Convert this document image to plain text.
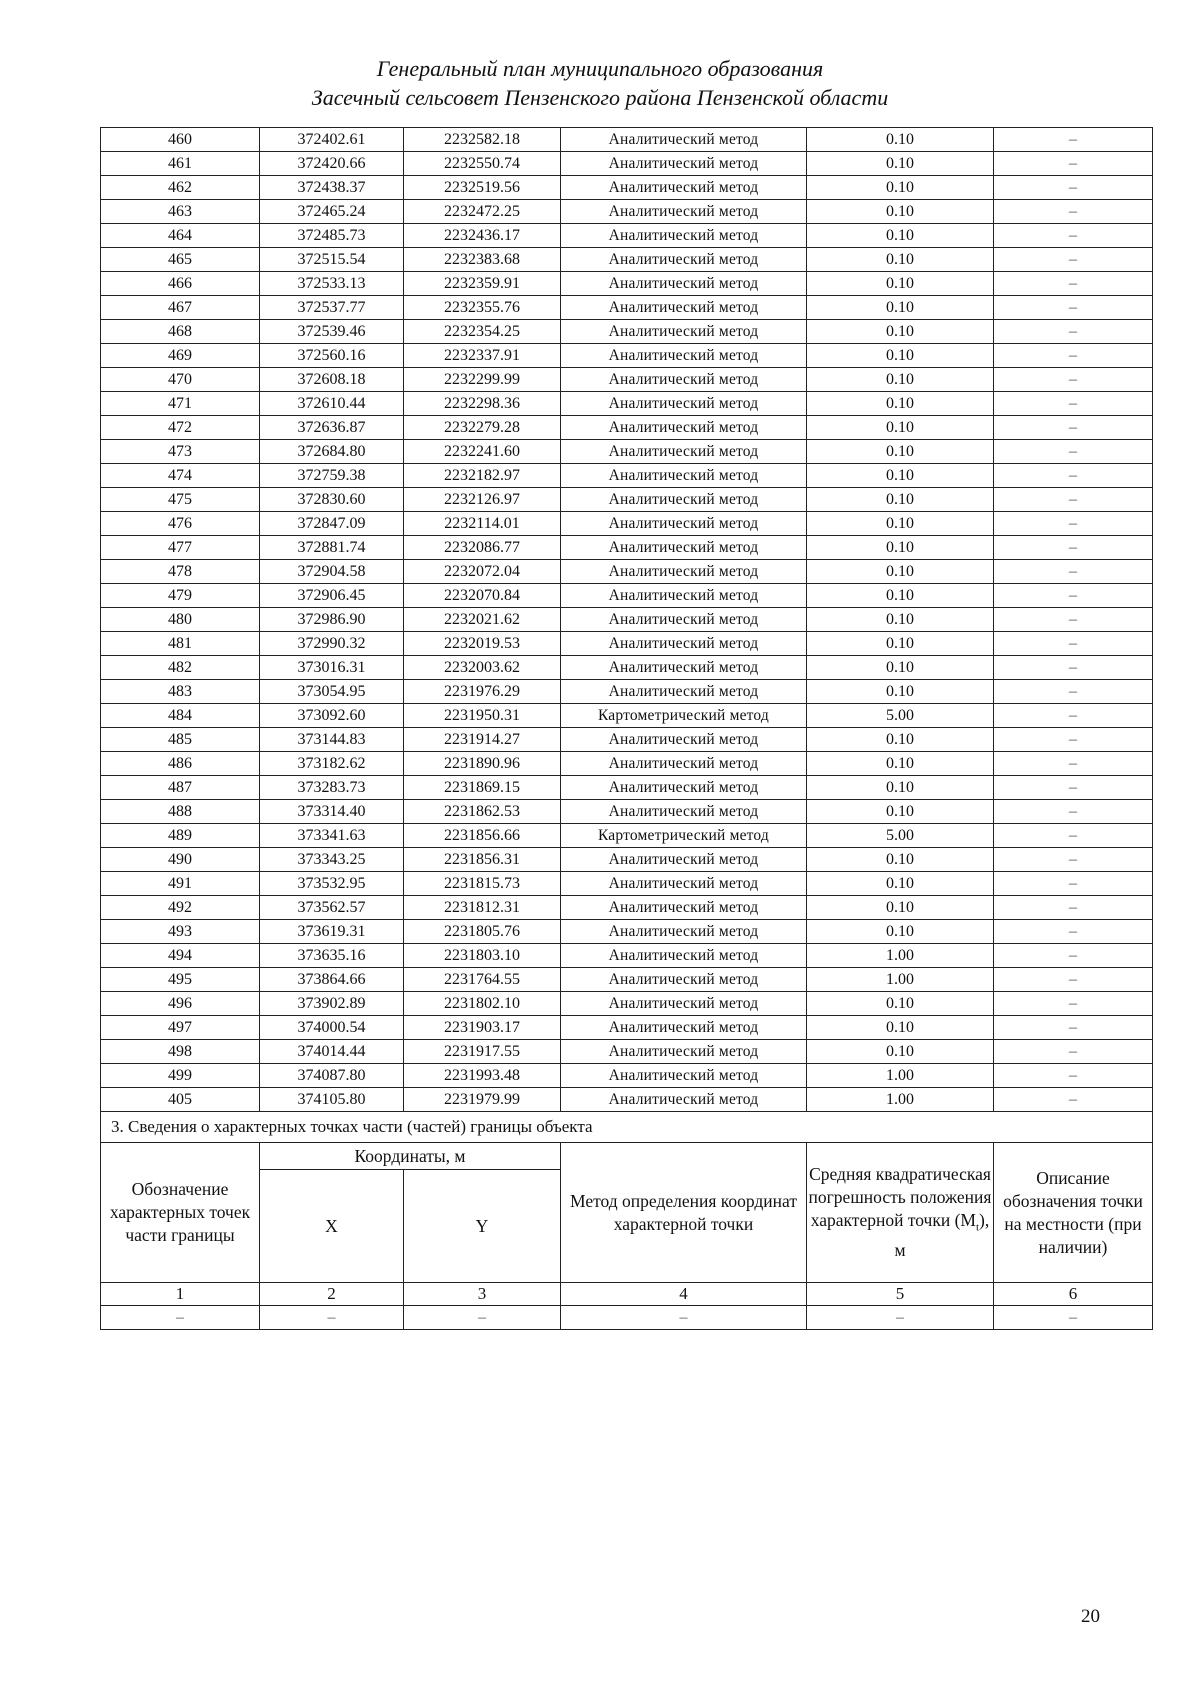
Генеральный план муниципального образования
Засечный сельсовет Пензенского района Пензенской области
460	372402.61	2232582.18	Аналитический метод	0.10	–
461	372420.66	2232550.74	Аналитический метод	0.10	–
462	372438.37	2232519.56	Аналитический метод	0.10	–
463	372465.24	2232472.25	Аналитический метод	0.10	–
464	372485.73	2232436.17	Аналитический метод	0.10	–
465	372515.54	2232383.68	Аналитический метод	0.10	–
466	372533.13	2232359.91	Аналитический метод	0.10	–
467	372537.77	2232355.76	Аналитический метод	0.10	–
468	372539.46	2232354.25	Аналитический метод	0.10	–
469	372560.16	2232337.91	Аналитический метод	0.10	–
470	372608.18	2232299.99	Аналитический метод	0.10	–
471	372610.44	2232298.36	Аналитический метод	0.10	–
472	372636.87	2232279.28	Аналитический метод	0.10	–
473	372684.80	2232241.60	Аналитический метод	0.10	–
474	372759.38	2232182.97	Аналитический метод	0.10	–
475	372830.60	2232126.97	Аналитический метод	0.10	–
476	372847.09	2232114.01	Аналитический метод	0.10	–
477	372881.74	2232086.77	Аналитический метод	0.10	–
478	372904.58	2232072.04	Аналитический метод	0.10	–
479	372906.45	2232070.84	Аналитический метод	0.10	–
480	372986.90	2232021.62	Аналитический метод	0.10	–
481	372990.32	2232019.53	Аналитический метод	0.10	–
482	373016.31	2232003.62	Аналитический метод	0.10	–
483	373054.95	2231976.29	Аналитический метод	0.10	–
484	373092.60	2231950.31	Картометрический метод	5.00	–
485	373144.83	2231914.27	Аналитический метод	0.10	–
486	373182.62	2231890.96	Аналитический метод	0.10	–
487	373283.73	2231869.15	Аналитический метод	0.10	–
488	373314.40	2231862.53	Аналитический метод	0.10	–
489	373341.63	2231856.66	Картометрический метод	5.00	–
490	373343.25	2231856.31	Аналитический метод	0.10	–
491	373532.95	2231815.73	Аналитический метод	0.10	–
492	373562.57	2231812.31	Аналитический метод	0.10	–
493	373619.31	2231805.76	Аналитический метод	0.10	–
494	373635.16	2231803.10	Аналитический метод	1.00	–
495	373864.66	2231764.55	Аналитический метод	1.00	–
496	373902.89	2231802.10	Аналитический метод	0.10	–
497	374000.54	2231903.17	Аналитический метод	0.10	–
498	374014.44	2231917.55	Аналитический метод	0.10	–
499	374087.80	2231993.48	Аналитический метод	1.00	–
405	374105.80	2231979.99	Аналитический метод	1.00	–
3. Сведения о характерных точках части (частей) границы объекта					
Обозначение характерных точек части границы	Координаты, м		Метод определения координат характерной точки	Средняя квадратическая погрешность положения характерной точки $(M_t)$, м	Описание обозначения точки на местности (при наличии)
	X	Y			
1	2	3	4	5	6
–	–	–	–	–	–
20
